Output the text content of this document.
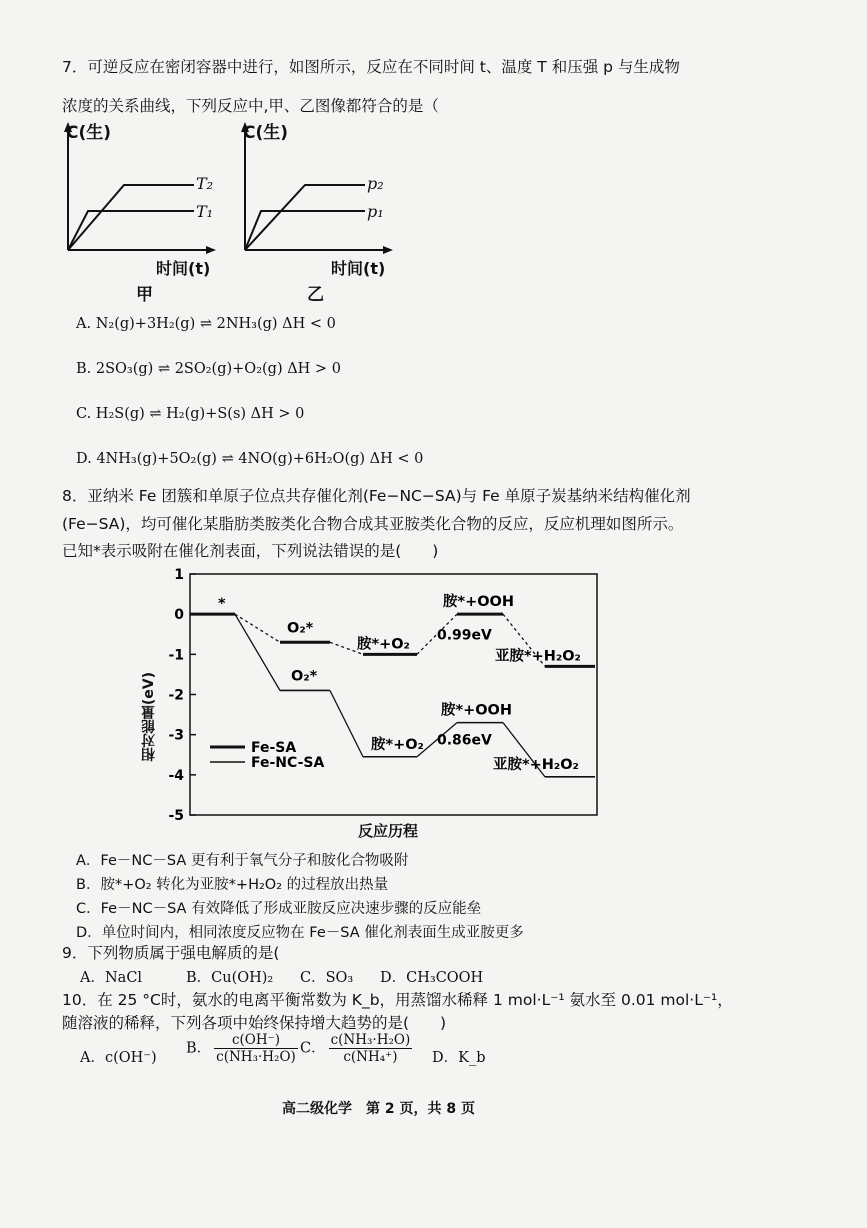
7．可逆反应在密闭容器中进行，如图所示，反应在不同时间 t、温度 T 和压强 p 与生成物
浓度的关系曲线，下列反应中,甲、乙图像都符合的是（
C(生)
T₂
T₁
时间(t)
甲
C(生)
p₂
p₁
时间(t)
乙
A. N₂(g)+3H₂(g) ⇌ 2NH₃(g) ΔH < 0
B. 2SO₃(g) ⇌ 2SO₂(g)+O₂(g) ΔH > 0
C. H₂S(g) ⇌ H₂(g)+S(s) ΔH > 0
D. 4NH₃(g)+5O₂(g) ⇌ 4NO(g)+6H₂O(g) ΔH < 0
8．亚纳米 Fe 团簇和单原子位点共存催化剂(Fe−NC−SA)与 Fe 单原子炭基纳米结构催化剂
(Fe−SA)，均可催化某脂肪类胺类化合物合成其亚胺类化合物的反应，反应机理如图所示。
已知*表示吸附在催化剂表面，下列说法错误的是(　　)
1
0
-1
-2
-3
-4
-5
*
O₂*
胺*+O₂
胺*+OOH
亚胺*+H₂O₂
0.99eV
Fe-SA
O₂*
胺*+O₂
胺*+OOH
亚胺*+H₂O₂
0.86eV
Fe-NC-SA
相对能量(eV)
反应历程
A．Fe－NC－SA 更有利于氧气分子和胺化合物吸附
B．胺*+O₂ 转化为亚胺*+H₂O₂ 的过程放出热量
C．Fe－NC－SA 有效降低了形成亚胺反应决速步骤的反应能垒
D．单位时间内，相同浓度反应物在 Fe－SA 催化剂表面生成亚胺更多
9．下列物质属于强电解质的是(
A．NaCl	B．Cu(OH)₂ C．SO₃ D．CH₃COOH
10．在 25 °C时，氨水的电离平衡常数为 K_b，用蒸馏水稀释 1 mol·L⁻¹ 氨水至 0.01 mol·L⁻¹，
随溶液的稀释，下列各项中始终保持增大趋势的是(　　)
A．c(OH⁻)
B． $\frac{c(OH^-)}{\text{c(NH₃·H₂O)}}$ C． $\frac{\text{c(NH₃·H₂O)}}{\text{c(NH₄⁺)}}$ D．K_b
高二级化学　第 2 页，共 8 页
